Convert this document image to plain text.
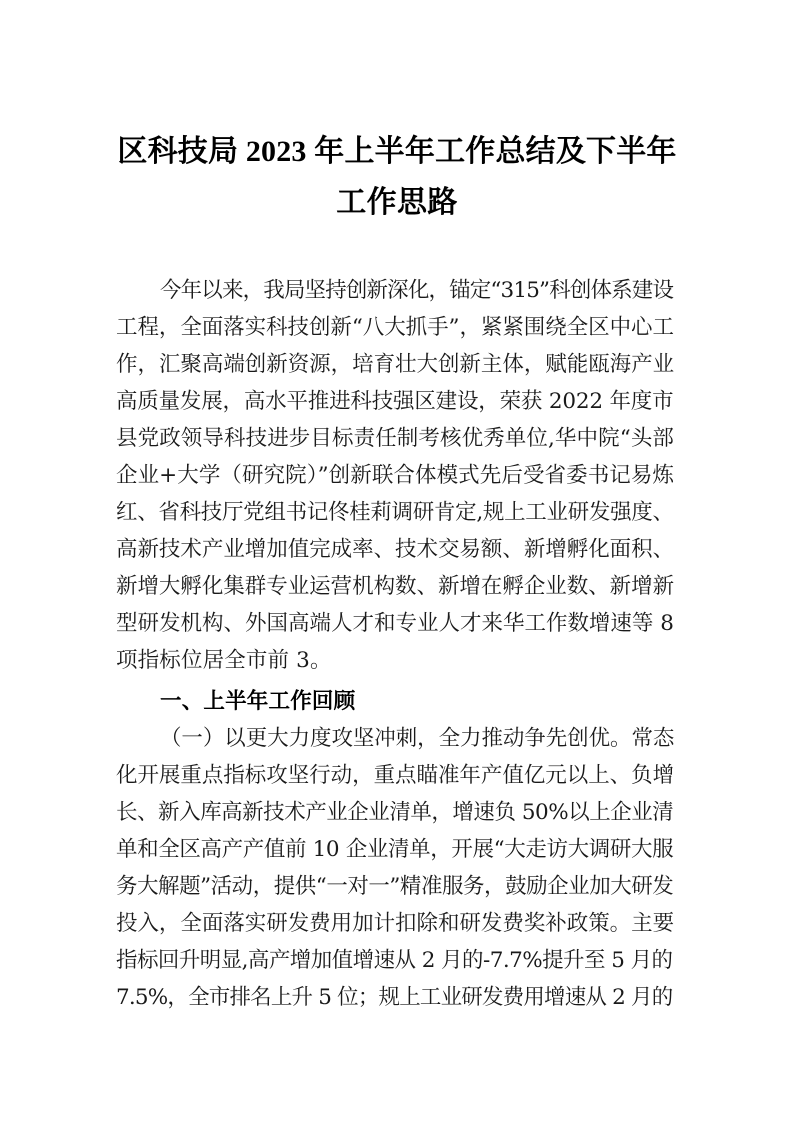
区科技局 2023 年上半年工作总结及下半年
工作思路

今年以来，我局坚持创新深化，锚定“315”科创体系建设
工程，全面落实科技创新“八大抓手”，紧紧围绕全区中心工
作，汇聚高端创新资源，培育壮大创新主体，赋能瓯海产业
高质量发展，高水平推进科技强区建设，荣获 2022 年度市
县党政领导科技进步目标责任制考核优秀单位,华中院“头部
企业+大学（研究院）”创新联合体模式先后受省委书记易炼
红、省科技厅党组书记佟桂莉调研肯定,规上工业研发强度、
高新技术产业增加值完成率、技术交易额、新增孵化面积、
新增大孵化集群专业运营机构数、新增在孵企业数、新增新
型研发机构、外国高端人才和专业人才来华工作数增速等 8
项指标位居全市前 3。

一、上半年工作回顾

（一）以更大力度攻坚冲刺，全力推动争先创优。常态
化开展重点指标攻坚行动，重点瞄准年产值亿元以上、负增
长、新入库高新技术产业企业清单，增速负 50%以上企业清
单和全区高产产值前 10 企业清单，开展“大走访大调研大服
务大解题”活动，提供“一对一”精准服务，鼓励企业加大研发
投入，全面落实研发费用加计扣除和研发费奖补政策。主要
指标回升明显,高产增加值增速从 2 月的-7.7%提升至 5 月的
7.5%，全市排名上升 5 位；规上工业研发费用增速从 2 月的
